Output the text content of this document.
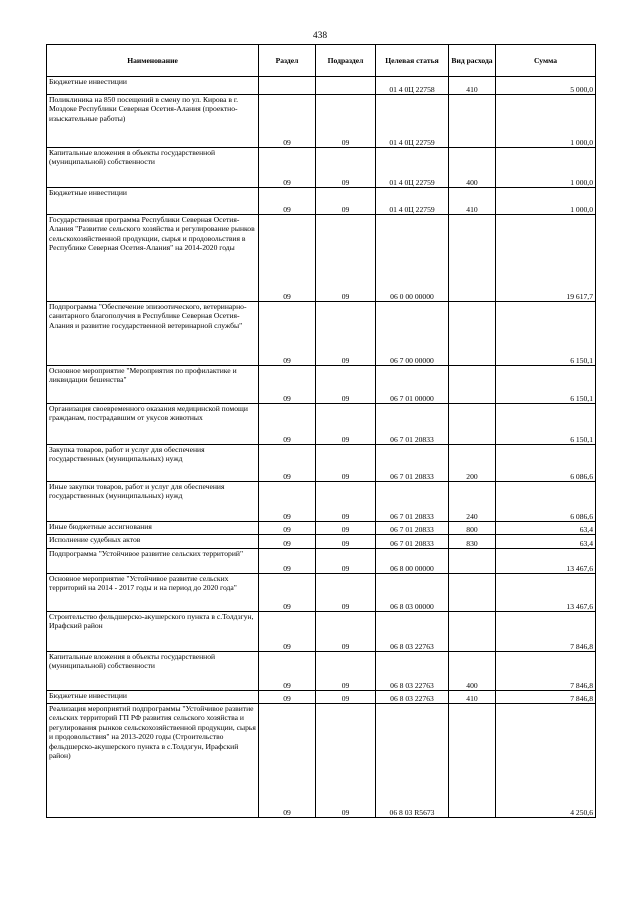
438
Наименование	Раздел	Подраздел	Целевая статья	Вид расхода	Сумма
Бюджетные инвестиции			01 4 0Ц 22758	410	5 000,0
Поликлиника на 850 посещений в смену по ул. Кирова в г. Моздоке Республики Северная Осетия-Алания (проектно-изыскательные работы)	09	09	01 4 0Ц 22759		1 000,0
Капитальные вложения в объекты государственной (муниципальной) собственности	09	09	01 4 0Ц 22759	400	1 000,0
Бюджетные инвестиции	09	09	01 4 0Ц 22759	410	1 000,0
Государственная программа Республики Северная Осетия-Алания "Развитие сельского хозяйства и регулирование рынков сельскохозяйственной продукции, сырья и продовольствия в Республике Северная Осетия-Алания" на 2014-2020 годы	09	09	06 0 00 00000		19 617,7
Подпрограмма "Обеспечение эпизоотического, ветеринарно-санитарного благополучия в Республике Северная Осетия-Алания и развитие государственной ветеринарной службы"	09	09	06 7 00 00000		6 150,1
Основное мероприятие "Мероприятия по профилактике и ликвидации бешенства"	09	09	06 7 01 00000		6 150,1
Организация своевременного оказания медицинской помощи гражданам, пострадавшим от укусов животных	09	09	06 7 01 20833		6 150,1
Закупка товаров, работ и услуг для обеспечения государственных (муниципальных) нужд	09	09	06 7 01 20833	200	6 086,6
Иные закупки товаров, работ и услуг для обеспечения государственных (муниципальных) нужд	09	09	06 7 01 20833	240	6 086,6
Иные бюджетные ассигнования	09	09	06 7 01 20833	800	63,4
Исполнение судебных актов	09	09	06 7 01 20833	830	63,4
Подпрограмма "Устойчивое развитие сельских территорий"	09	09	06 8 00 00000		13 467,6
Основное мероприятие "Устойчивое развитие сельских территорий на 2014 - 2017 годы и на период до 2020 года"	09	09	06 8 03 00000		13 467,6
Строительство фельдшерско-акушерского пункта в с.Толдзгун, Ирафский район	09	09	06 8 03 22763		7 846,8
Капитальные вложения в объекты государственной (муниципальной) собственности	09	09	06 8 03 22763	400	7 846,8
Бюджетные инвестиции	09	09	06 8 03 22763	410	7 846,8
Реализация мероприятий подпрограммы "Устойчивое развитие сельских территорий ГП РФ развития сельского хозяйства и регулирования рынков сельскохозяйственной продукции, сырья и продовольствия" на 2013-2020 годы (Строительство фельдшерско-акушерского пункта в с.Толдзгун, Ирафский район)	09	09	06 8 03 R5673		4 250,6
